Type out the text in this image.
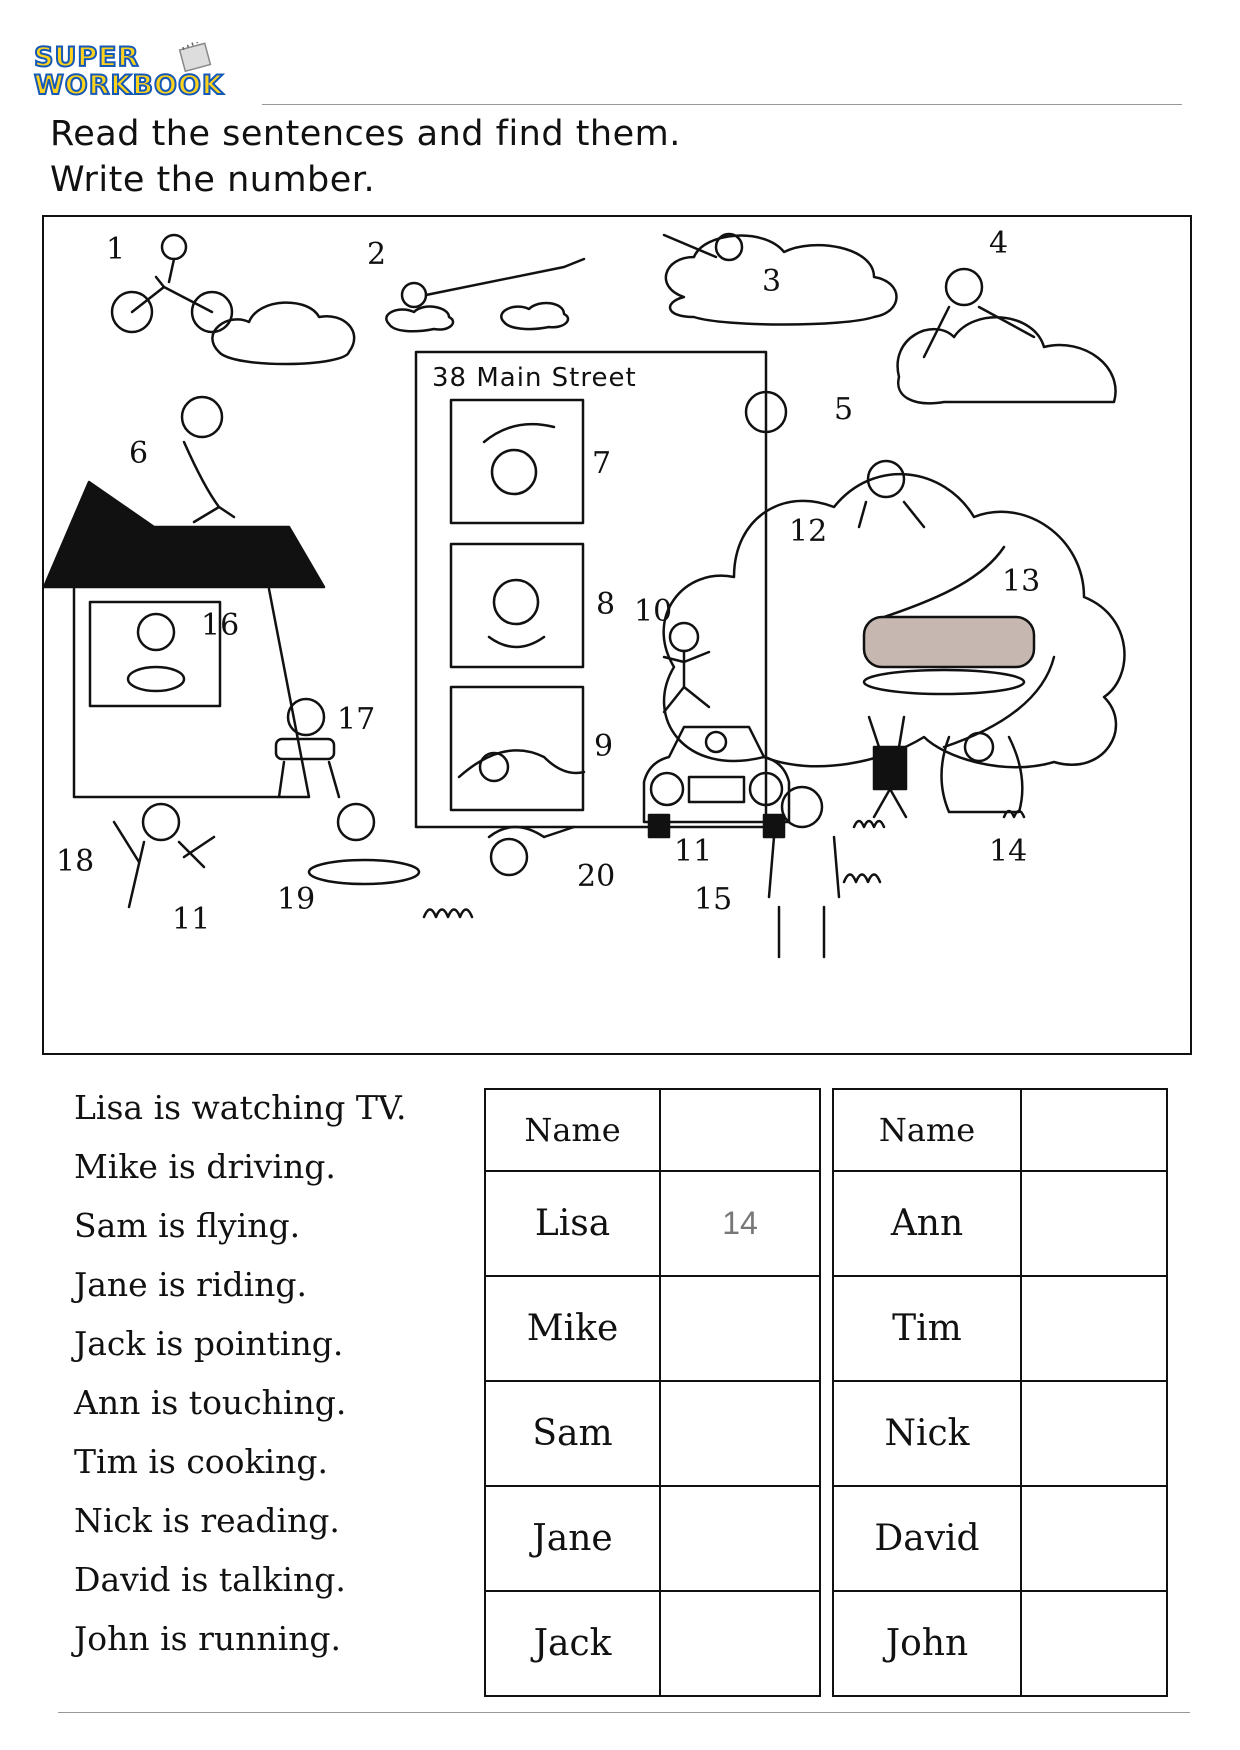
SUPER
WORKBOOK
Read the sentences and find them.
Write the number.
38 Main Street
1	2
3
4
5
6	7
8
9
10
11
11
12
13
14
15
16
17
18
19
20
Lisa is watching TV.
Mike is driving.
Sam is flying.
Jane is riding.
Jack is pointing.
Ann is touching.
Tim is cooking.
Nick is reading.
David is talking.
John is running.
Name	
Lisa	14
Mike	
Sam	
Jane	
Jack	
Name	
Ann	
Tim	
Nick	
David	
John	
